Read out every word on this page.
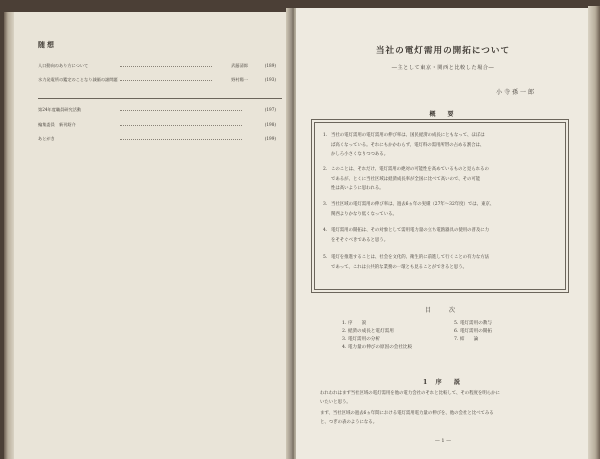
随想
人口動向のあり方について	武藤清郎	(189)
水力発電所の鑑定のことなり減価の諸問題	野村陽一	(193)
第24年度職員研究活動	(197)
編集委員　新刊紹介	(198)
あとがき	(199)
当社の電灯需用の開拓について
―主として東京・関西と比較した場合―
小寺孫一郎
概　要
1. 当社の電灯需用の電灯需用の伸び率は、国民経済の成長にともなって、ほぼは
ば高くなっている。それにもかかわらず、電灯料の需用所帯の占める割合は、
かしろ小さくなりつつある。
2. このことは、それだけ、電灯需用の絶対の可能性を高めているものと見られるの
であるが、とくに当社区域は経済成長率が全国に比べて高いので、その可能
性は高いように思われる。
3. 当社区域の電灯需用の伸び率は、過去6ヵ年の実績（27年～32年度）では、東京、
関西よりかなり低くなっている。
4. 電灯需用の開拓は、その対象として需用電力量の立ち電熱器具の使用の普及に力
をそそぐべきであると思う。
5. 電灯を推進することは、社会を文化的、衛生的に前進して行くことの有力な方法
であって、これは公共的な業務の一環とも見ることができると思う。
目　次
1. 序　　説
2. 経済の成長と電灯需用
3. 電灯需用の分析
4. 電力量の伸びの原因の会社比較
5. 電灯需用の教与
6. 電灯需用の開拓
7. 結　　論
1 序　説
われわれはまず当社区域の電灯需用を他の電力会社のそれと比較して、その程度を明らかに
いたいと思う。
まず、当社区域の過去6ヵ年間における電灯需用電力量の伸びを、他の会社と比べてみる
と、つぎの表のようになる。
— 1 —
